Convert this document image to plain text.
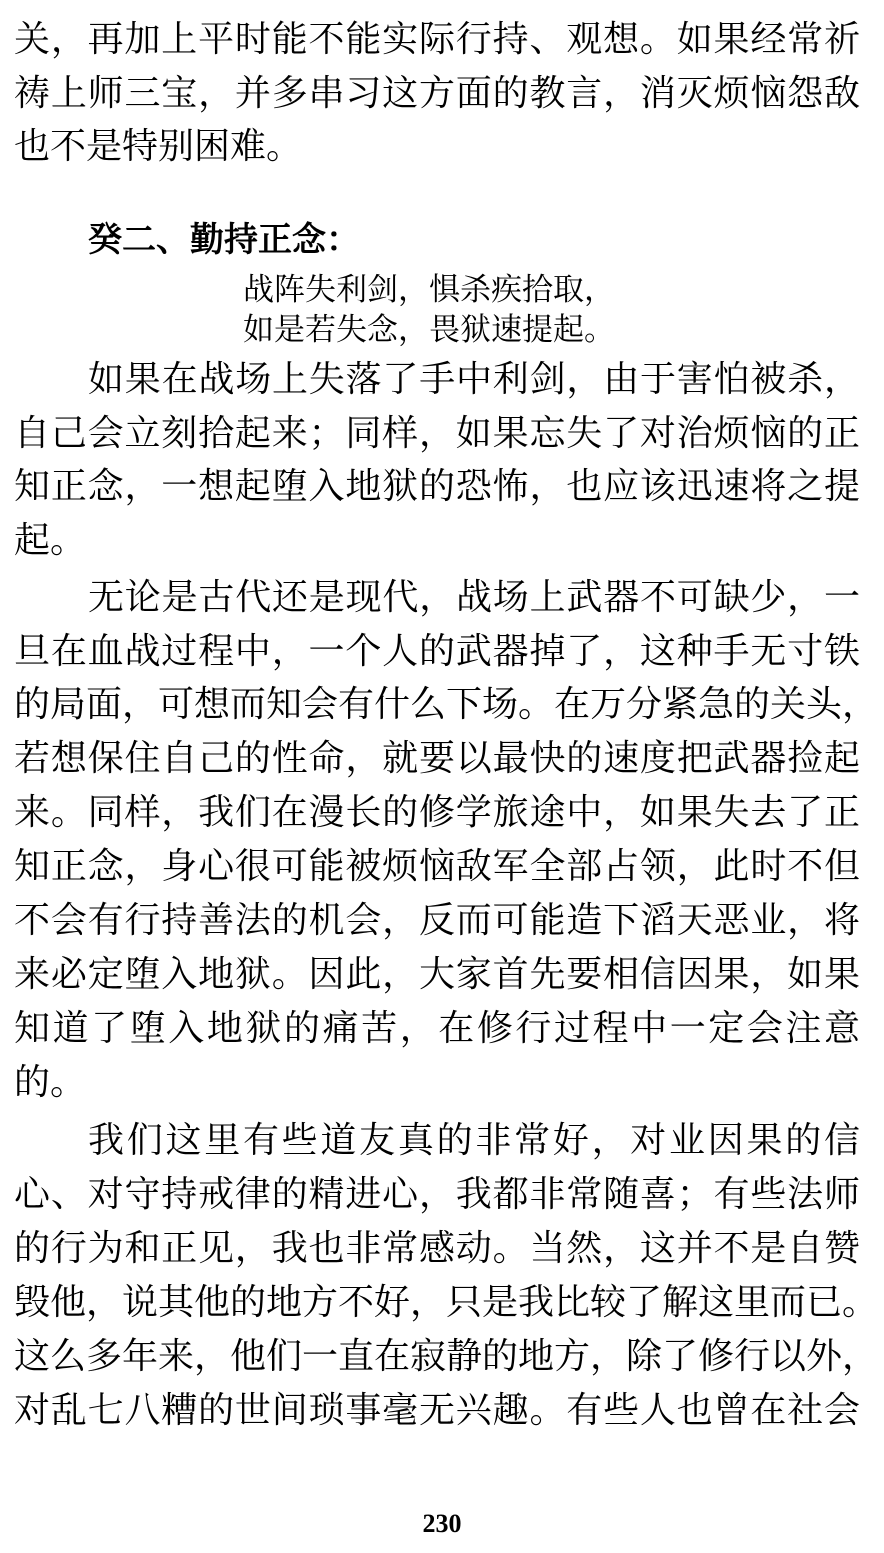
关，再加上平时能不能实际行持、观想。如果经常祈
祷上师三宝，并多串习这方面的教言，消灭烦恼怨敌
也不是特别困难。
癸二、勤持正念：
战阵失利剑，惧杀疾拾取，
如是若失念，畏狱速提起。
如果在战场上失落了手中利剑，由于害怕被杀，
自己会立刻拾起来；同样，如果忘失了对治烦恼的正
知正念，一想起堕入地狱的恐怖，也应该迅速将之提
起。
无论是古代还是现代，战场上武器不可缺少，一
旦在血战过程中，一个人的武器掉了，这种手无寸铁
的局面，可想而知会有什么下场。在万分紧急的关头，
若想保住自己的性命，就要以最快的速度把武器捡起
来。同样，我们在漫长的修学旅途中，如果失去了正
知正念，身心很可能被烦恼敌军全部占领，此时不但
不会有行持善法的机会，反而可能造下滔天恶业，将
来必定堕入地狱。因此，大家首先要相信因果，如果
知道了堕入地狱的痛苦，在修行过程中一定会注意
的。
我们这里有些道友真的非常好，对业因果的信
心、对守持戒律的精进心，我都非常随喜；有些法师
的行为和正见，我也非常感动。当然，这并不是自赞
毁他，说其他的地方不好，只是我比较了解这里而已。
这么多年来，他们一直在寂静的地方，除了修行以外，
对乱七八糟的世间琐事毫无兴趣。有些人也曾在社会
230
